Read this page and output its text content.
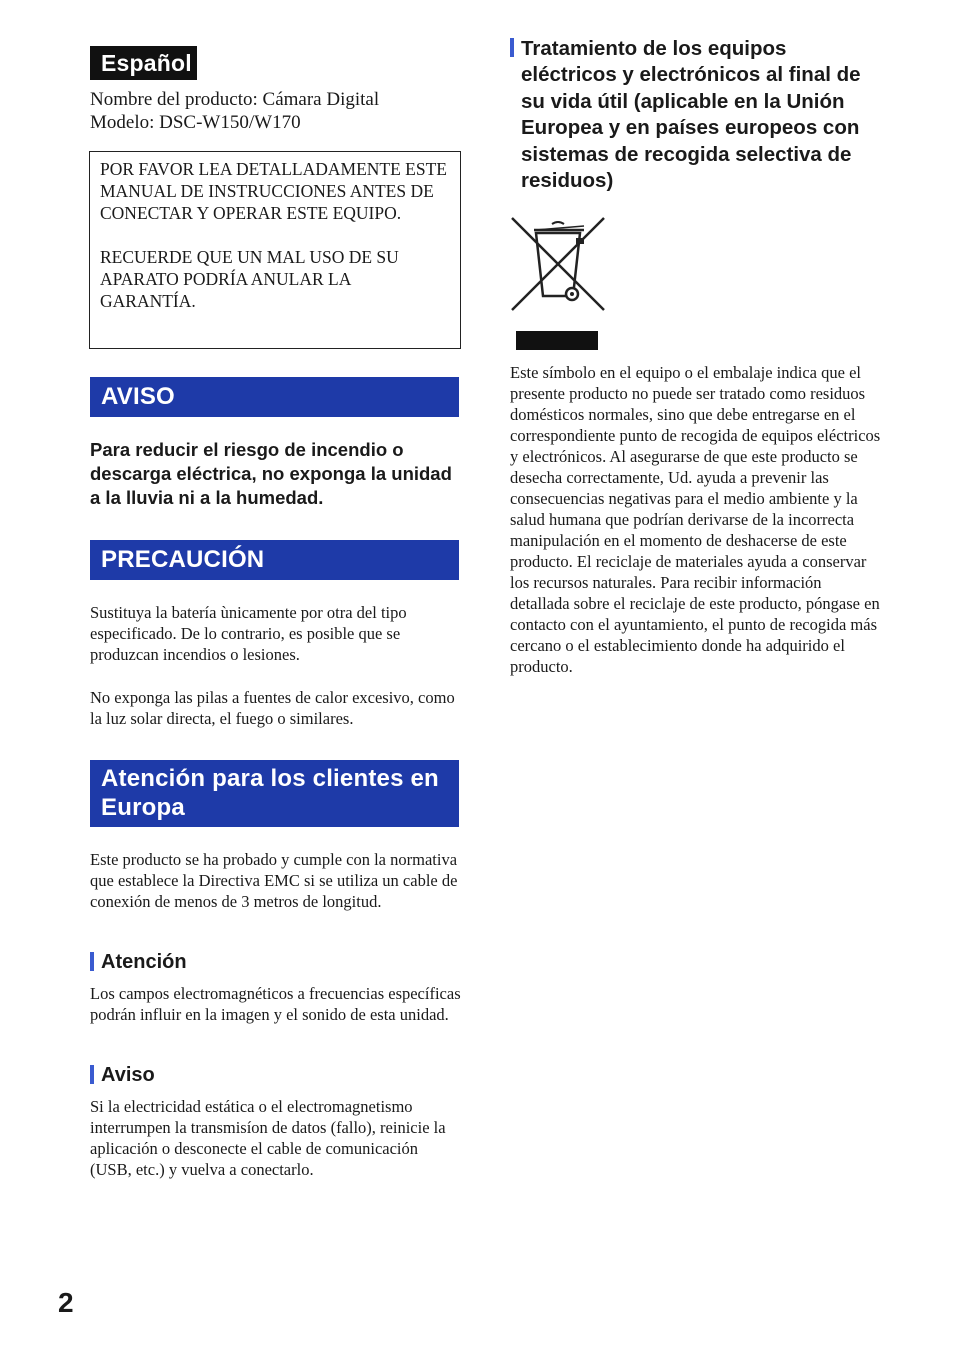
Español
Nombre del producto: Cámara Digital
Modelo: DSC-W150/W170

POR FAVOR LEA DETALLADAMENTE ESTE MANUAL DE INSTRUCCIONES ANTES DE CONECTAR Y OPERAR ESTE EQUIPO.

RECUERDE QUE UN MAL USO DE SU APARATO PODRÍA ANULAR LA GARANTÍA.

AVISO
Para reducir el riesgo de incendio o descarga eléctrica, no exponga la unidad a la lluvia ni a la humedad.
PRECAUCIÓN
Sustituya la batería ùnicamente por otra del tipo especificado. De lo contrario, es posible que se produzcan incendios o lesiones.
No exponga las pilas a fuentes de calor excesivo, como la luz solar directa, el fuego o similares.
Atención para los clientes en
Europa
Este producto se ha probado y cumple con la normativa que establece la Directiva EMC si se utiliza un cable de conexión de menos de 3 metros de longitud.
Atención
Los campos electromagnéticos a frecuencias específicas podrán influir en la imagen y el sonido de esta unidad.
Aviso
Si la electricidad estática o el electromagnetismo interrumpen la transmisíon de datos (fallo), reinicie la aplicación o desconecte el cable de comunicación (USB, etc.) y vuelva a conectarlo.
Tratamiento de los equipos eléctricos y electrónicos al final de su vida útil (aplicable en la Unión Europea y en países europeos con sistemas de recogida selectiva de residuos)
Este símbolo en el equipo o el embalaje indica que el presente producto no puede ser tratado como residuos domésticos normales, sino que debe entregarse en el correspondiente punto de recogida de equipos eléctricos y electrónicos. Al asegurarse de que este producto se desecha correctamente, Ud. ayuda a prevenir las consecuencias negativas para el medio ambiente y la salud humana que podrían derivarse de la incorrecta manipulación en el momento de deshacerse de este producto. El reciclaje de materiales ayuda a conservar los recursos naturales. Para recibir información detallada sobre el reciclaje de este producto, póngase en contacto con el ayuntamiento, el punto de recogida más cercano o el establecimiento donde ha adquirido el producto.
2
